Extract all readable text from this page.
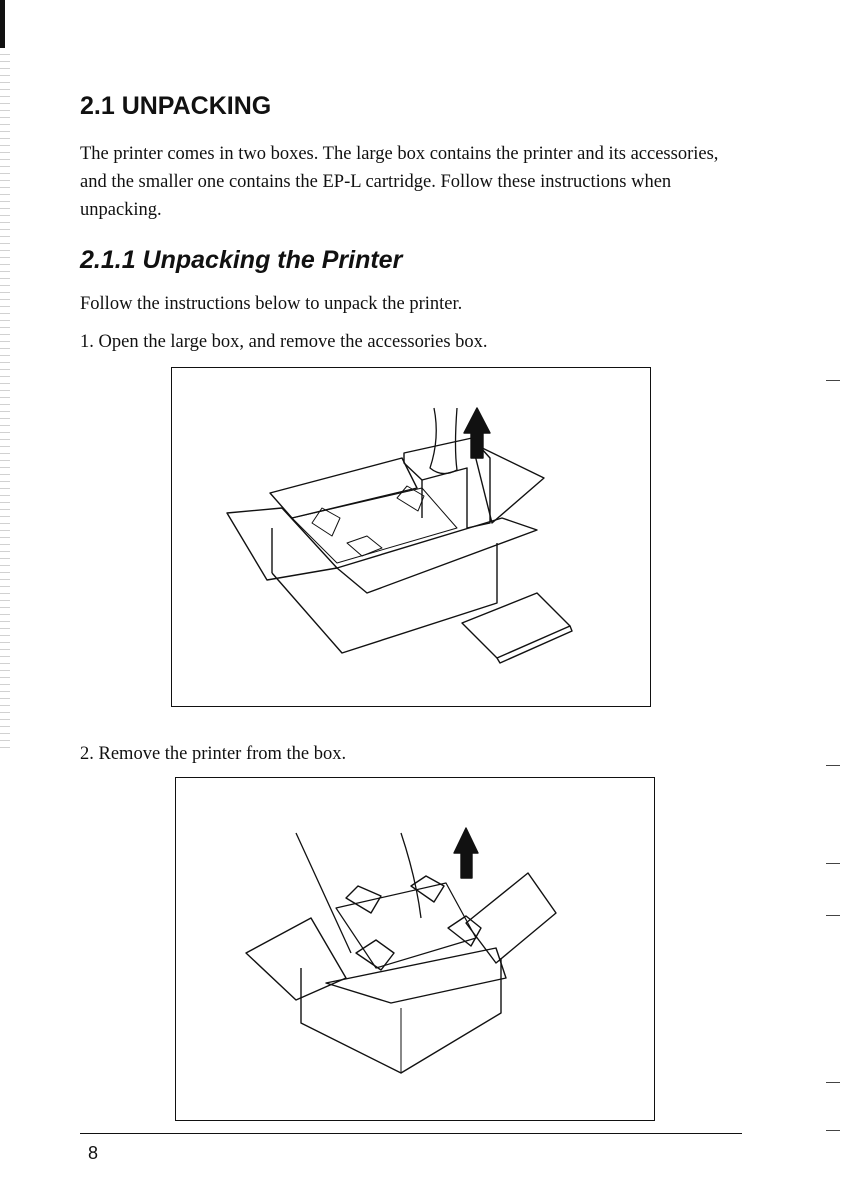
2.1 UNPACKING

The printer comes in two boxes. The large box contains the printer and its accessories, and the smaller one contains the EP-L cartridge. Follow these instructions when unpacking.

2.1.1 Unpacking the Printer

Follow the instructions below to unpack the printer.

1. Open the large box, and remove the accessories box.

2. Remove the printer from the box.

8
